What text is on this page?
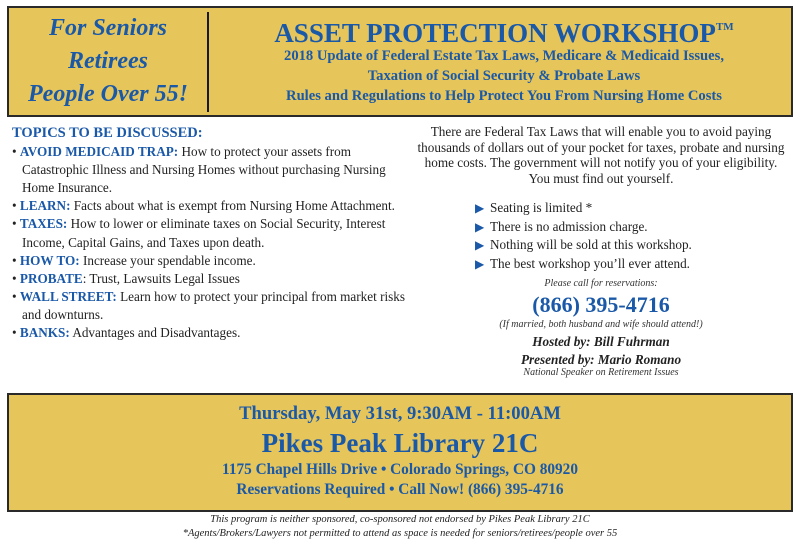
For Seniors
Retirees
People Over 55!
ASSET PROTECTION WORKSHOP™
2018 Update of Federal Estate Tax Laws, Medicare & Medicaid Issues,
Taxation of Social Security & Probate Laws
Rules and Regulations to Help Protect You From Nursing Home Costs
TOPICS TO BE DISCUSSED:
• AVOID MEDICAID TRAP: How to protect your assets from Catastrophic Illness and Nursing Homes without purchasing Nursing Home Insurance.
• LEARN: Facts about what is exempt from Nursing Home Attachment.
• TAXES: How to lower or eliminate taxes on Social Security, Interest Income, Capital Gains, and Taxes upon death.
• HOW TO: Increase your spendable income.
• PROBATE: Trust, Lawsuits Legal Issues
• WALL STREET: Learn how to protect your principal from market risks and downturns.
• BANKS: Advantages and Disadvantages.
There are Federal Tax Laws that will enable you to avoid paying thousands of dollars out of your pocket for taxes, probate and nursing home costs. The government will not notify you of your eligibility. You must find out yourself.
▶ Seating is limited *
▶ There is no admission charge.
▶ Nothing will be sold at this workshop.
▶ The best workshop you’ll ever attend.
Please call for reservations:
(866) 395-4716
(If married, both husband and wife should attend!)
Hosted by: Bill Fuhrman
Presented by: Mario Romano
National Speaker on Retirement Issues
Thursday, May 31st, 9:30AM - 11:00AM
Pikes Peak Library 21C
1175 Chapel Hills Drive • Colorado Springs, CO 80920
Reservations Required • Call Now! (866) 395-4716
This program is neither sponsored, co-sponsored not endorsed by Pikes Peak Library 21C
*Agents/Brokers/Lawyers not permitted to attend as space is needed for seniors/retirees/people over 55
